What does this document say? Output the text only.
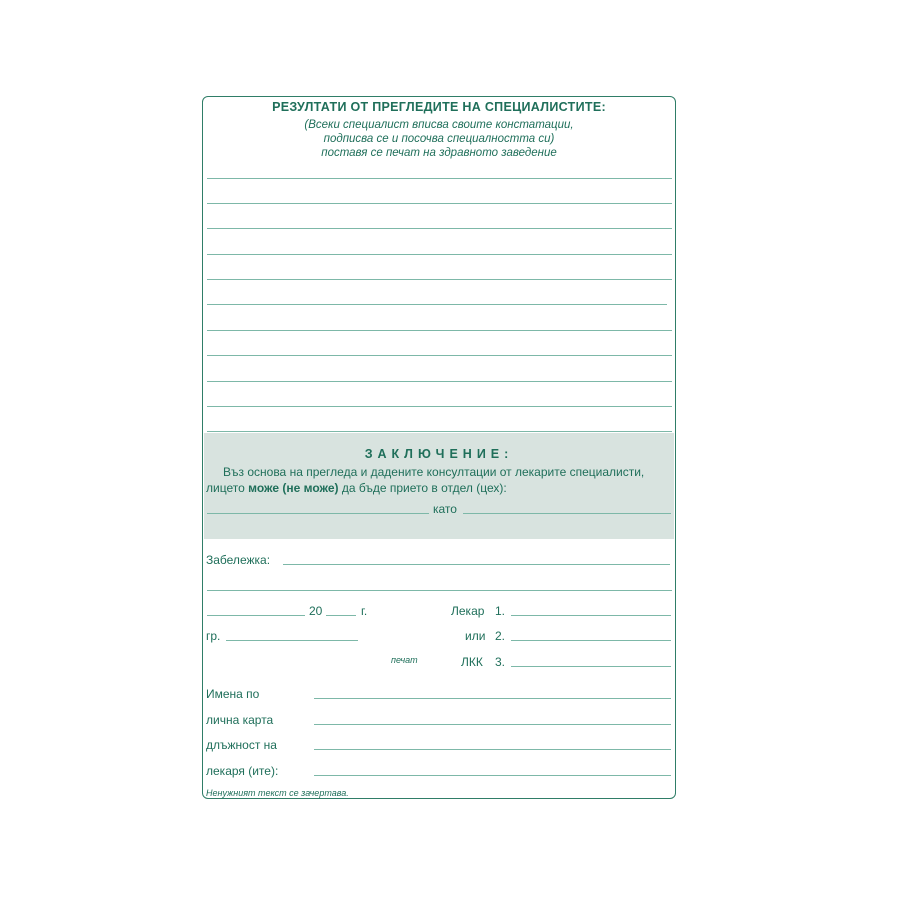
РЕЗУЛТАТИ ОТ ПРЕГЛЕДИТЕ НА СПЕЦИАЛИСТИТЕ:
(Всеки специалист вписва своите констатации,
подписва се и посочва специалността си)
поставя се печат на здравното заведение
ЗАКЛЮЧЕНИЕ:
Въз основа на прегледа и дадените консултации от лекарите специалисти,
лицето може (не може) да бъде прието в отдел (цех):
като
Забележка:
20	г.
гр.
печат
Лекар 1.
или 2.
ЛКК 3.
Имена по
лична карта
длъжност на
лекаря (ите):
Ненужният текст се зачертава.
